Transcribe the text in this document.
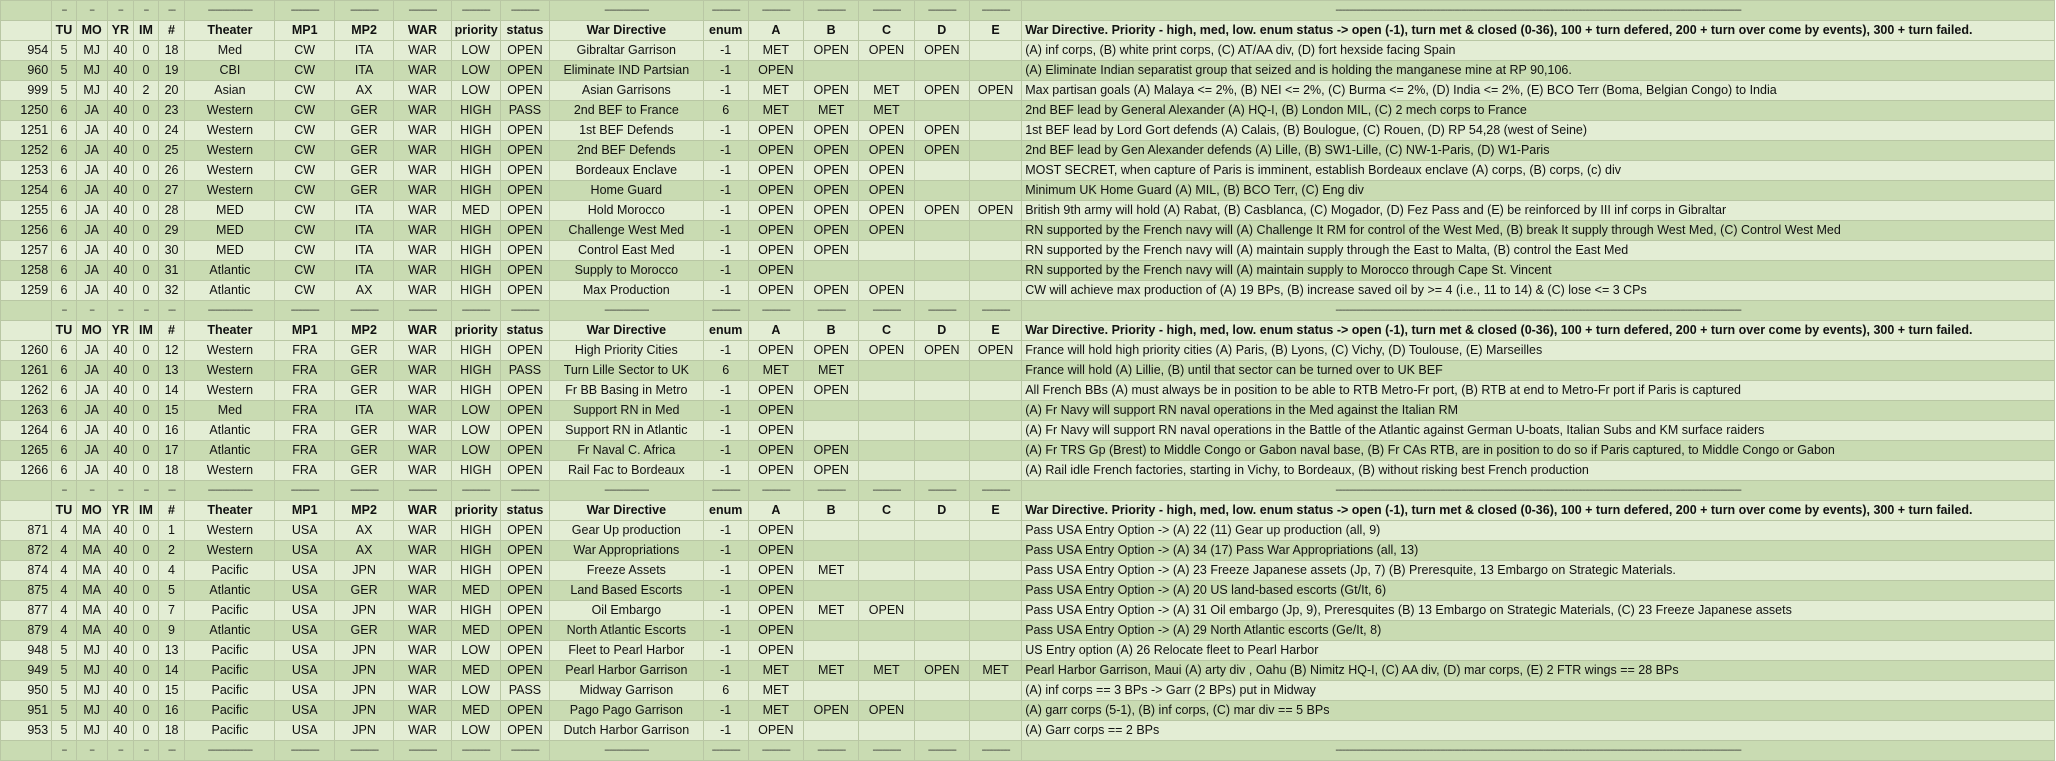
	--	--	--	--	---	-------------------	------------	------------	------------	------------	------------	-------------------	------------	------------	------------	------------	------------	------------	------------------------------------------------------------------------------------------------------------------------------------------------------------------------------
	TU	MO	YR	IM	#	Theater	MP1	MP2	WAR	priority	status	War Directive	enum	A	B	C	D	E	War Directive. Priority - high, med, low. enum status -> open (-1), turn met & closed (0-36), 100 + turn defered, 200 + turn over come by events), 300 + turn failed.
954	5	MJ	40	0	18	Med	CW	ITA	WAR	LOW	OPEN	Gibraltar Garrison	-1	MET	OPEN	OPEN	OPEN		(A) inf corps, (B) white print corps, (C) AT/AA div, (D) fort hexside facing Spain
960	5	MJ	40	0	19	CBI	CW	ITA	WAR	LOW	OPEN	Eliminate IND Partsian	-1	OPEN					(A) Eliminate Indian separatist group that seized and is holding the manganese mine at RP 90,106.
999	5	MJ	40	2	20	Asian	CW	AX	WAR	LOW	OPEN	Asian Garrisons	-1	MET	OPEN	MET	OPEN	OPEN	Max partisan goals (A) Malaya <= 2%, (B) NEI <= 2%, (C) Burma <= 2%, (D) India <= 2%, (E) BCO Terr (Boma, Belgian Congo) to India
1250	6	JA	40	0	23	Western	CW	GER	WAR	HIGH	PASS	2nd BEF to France	6	MET	MET	MET			2nd BEF lead by General Alexander (A) HQ-I, (B) London MIL, (C) 2 mech corps to France
1251	6	JA	40	0	24	Western	CW	GER	WAR	HIGH	OPEN	1st BEF Defends	-1	OPEN	OPEN	OPEN	OPEN		1st BEF lead by Lord Gort defends (A) Calais, (B) Boulogue, (C) Rouen, (D) RP 54,28 (west of Seine)
1252	6	JA	40	0	25	Western	CW	GER	WAR	HIGH	OPEN	2nd BEF Defends	-1	OPEN	OPEN	OPEN	OPEN		2nd BEF lead by Gen Alexander defends (A) Lille, (B) SW1-Lille, (C) NW-1-Paris, (D) W1-Paris
1253	6	JA	40	0	26	Western	CW	GER	WAR	HIGH	OPEN	Bordeaux Enclave	-1	OPEN	OPEN	OPEN			MOST SECRET, when capture of Paris is imminent, establish Bordeaux enclave (A) corps, (B) corps, (c) div
1254	6	JA	40	0	27	Western	CW	GER	WAR	HIGH	OPEN	Home Guard	-1	OPEN	OPEN	OPEN			Minimum UK Home Guard (A) MIL, (B) BCO Terr, (C) Eng div
1255	6	JA	40	0	28	MED	CW	ITA	WAR	MED	OPEN	Hold Morocco	-1	OPEN	OPEN	OPEN	OPEN	OPEN	British 9th army will hold (A) Rabat, (B) Casblanca, (C) Mogador, (D) Fez Pass and (E) be reinforced by III inf corps in Gibraltar
1256	6	JA	40	0	29	MED	CW	ITA	WAR	HIGH	OPEN	Challenge West Med	-1	OPEN	OPEN	OPEN			RN supported by the French navy will (A) Challenge It RM for control of the West Med, (B) break It supply through West Med, (C) Control West Med
1257	6	JA	40	0	30	MED	CW	ITA	WAR	HIGH	OPEN	Control East Med	-1	OPEN	OPEN				RN supported by the French navy will (A) maintain supply through the East to Malta, (B) control the East Med
1258	6	JA	40	0	31	Atlantic	CW	ITA	WAR	HIGH	OPEN	Supply to Morocco	-1	OPEN					RN supported by the French navy will (A) maintain supply to Morocco through Cape St. Vincent
1259	6	JA	40	0	32	Atlantic	CW	AX	WAR	HIGH	OPEN	Max Production	-1	OPEN	OPEN	OPEN			CW will achieve max production of (A) 19 BPs, (B) increase saved oil by >= 4 (i.e., 11 to 14) & (C) lose <= 3 CPs
	--	--	--	--	---	-------------------	------------	------------	------------	------------	------------	-------------------	------------	------------	------------	------------	------------	------------	------------------------------------------------------------------------------------------------------------------------------------------------------------------------------
	TU	MO	YR	IM	#	Theater	MP1	MP2	WAR	priority	status	War Directive	enum	A	B	C	D	E	War Directive. Priority - high, med, low. enum status -> open (-1), turn met & closed (0-36), 100 + turn defered, 200 + turn over come by events), 300 + turn failed.
1260	6	JA	40	0	12	Western	FRA	GER	WAR	HIGH	OPEN	High Priority Cities	-1	OPEN	OPEN	OPEN	OPEN	OPEN	France will hold high priority cities (A) Paris, (B) Lyons, (C) Vichy, (D) Toulouse, (E) Marseilles
1261	6	JA	40	0	13	Western	FRA	GER	WAR	HIGH	PASS	Turn Lille Sector to UK	6	MET	MET				France will hold (A) Lillie, (B) until that sector can be turned over to UK BEF
1262	6	JA	40	0	14	Western	FRA	GER	WAR	HIGH	OPEN	Fr BB Basing in Metro	-1	OPEN	OPEN				All French BBs (A) must always be in position to be able to RTB Metro-Fr port, (B) RTB at end to Metro-Fr port if Paris is captured
1263	6	JA	40	0	15	Med	FRA	ITA	WAR	LOW	OPEN	Support RN in Med	-1	OPEN					(A) Fr Navy will support RN naval operations in the Med against the Italian RM
1264	6	JA	40	0	16	Atlantic	FRA	GER	WAR	LOW	OPEN	Support RN in Atlantic	-1	OPEN					(A) Fr Navy will support RN naval operations in the Battle of the Atlantic against German U-boats, Italian Subs and KM surface raiders
1265	6	JA	40	0	17	Atlantic	FRA	GER	WAR	LOW	OPEN	Fr Naval C. Africa	-1	OPEN	OPEN				(A) Fr TRS Gp (Brest) to Middle Congo or Gabon naval base, (B) Fr CAs RTB, are in position to do so if Paris captured, to Middle Congo or Gabon
1266	6	JA	40	0	18	Western	FRA	GER	WAR	HIGH	OPEN	Rail Fac to Bordeaux	-1	OPEN	OPEN				(A) Rail idle French factories, starting in Vichy, to Bordeaux, (B) without risking best French production
	--	--	--	--	---	-------------------	------------	------------	------------	------------	------------	-------------------	------------	------------	------------	------------	------------	------------	------------------------------------------------------------------------------------------------------------------------------------------------------------------------------
	TU	MO	YR	IM	#	Theater	MP1	MP2	WAR	priority	status	War Directive	enum	A	B	C	D	E	War Directive. Priority - high, med, low. enum status -> open (-1), turn met & closed (0-36), 100 + turn defered, 200 + turn over come by events), 300 + turn failed.
871	4	MA	40	0	1	Western	USA	AX	WAR	HIGH	OPEN	Gear Up production	-1	OPEN					Pass USA Entry Option -> (A) 22 (11) Gear up production (all, 9)
872	4	MA	40	0	2	Western	USA	AX	WAR	HIGH	OPEN	War Appropriations	-1	OPEN					Pass USA Entry Option -> (A) 34 (17) Pass War Appropriations (all, 13)
874	4	MA	40	0	4	Pacific	USA	JPN	WAR	HIGH	OPEN	Freeze Assets	-1	OPEN	MET				Pass USA Entry Option -> (A) 23 Freeze Japanese assets (Jp, 7) (B) Preresquite, 13 Embargo on Strategic Materials.
875	4	MA	40	0	5	Atlantic	USA	GER	WAR	MED	OPEN	Land Based Escorts	-1	OPEN					Pass USA Entry Option -> (A) 20 US land-based escorts (Gt/It, 6)
877	4	MA	40	0	7	Pacific	USA	JPN	WAR	HIGH	OPEN	Oil Embargo	-1	OPEN	MET	OPEN			Pass USA Entry Option -> (A) 31 Oil embargo (Jp, 9), Preresquites (B) 13 Embargo on Strategic Materials, (C) 23 Freeze Japanese assets
879	4	MA	40	0	9	Atlantic	USA	GER	WAR	MED	OPEN	North Atlantic Escorts	-1	OPEN					Pass USA Entry Option -> (A) 29 North Atlantic escorts (Ge/It, 8)
948	5	MJ	40	0	13	Pacific	USA	JPN	WAR	LOW	OPEN	Fleet to Pearl Harbor	-1	OPEN					US Entry option (A) 26 Relocate fleet to Pearl Harbor
949	5	MJ	40	0	14	Pacific	USA	JPN	WAR	MED	OPEN	Pearl Harbor Garrison	-1	MET	MET	MET	OPEN	MET	Pearl Harbor Garrison, Maui (A) arty div , Oahu (B) Nimitz HQ-I, (C) AA div, (D) mar corps, (E) 2 FTR wings == 28 BPs
950	5	MJ	40	0	15	Pacific	USA	JPN	WAR	LOW	PASS	Midway Garrison	6	MET					(A) inf corps == 3 BPs -> Garr (2 BPs) put in Midway
951	5	MJ	40	0	16	Pacific	USA	JPN	WAR	MED	OPEN	Pago Pago Garrison	-1	MET	OPEN	OPEN			(A) garr corps (5-1), (B) inf corps, (C) mar div == 5 BPs
953	5	MJ	40	0	18	Pacific	USA	JPN	WAR	LOW	OPEN	Dutch Harbor Garrison	-1	OPEN					(A) Garr corps == 2 BPs
	--	--	--	--	---	-------------------	------------	------------	------------	------------	------------	-------------------	------------	------------	------------	------------	------------	------------	------------------------------------------------------------------------------------------------------------------------------------------------------------------------------
